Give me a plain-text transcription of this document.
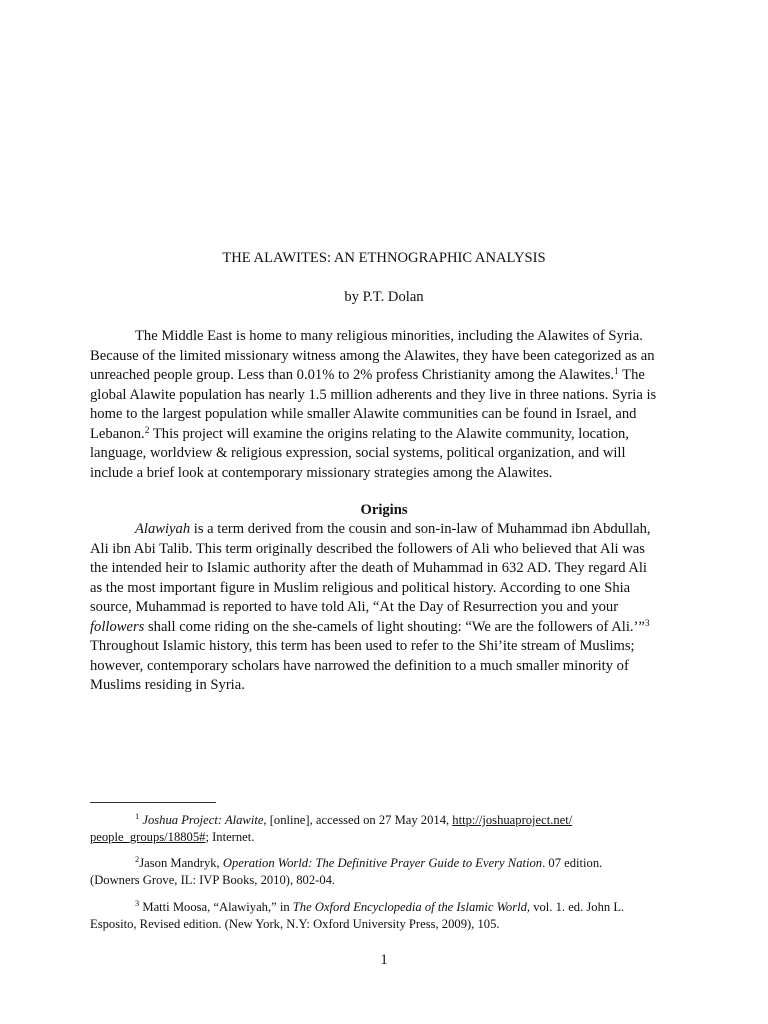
THE ALAWITES: AN ETHNOGRAPHIC ANALYSIS
by P.T. Dolan
The Middle East is home to many religious minorities, including the Alawites of Syria.
Because of the limited missionary witness among the Alawites, they have been categorized as an
unreached people group. Less than 0.01% to 2% profess Christianity among the Alawites.$^1$ The
global Alawite population has nearly 1.5 million adherents and they live in three nations. Syria is
home to the largest population while smaller Alawite communities can be found in Israel, and
Lebanon.$^2$ This project will examine the origins relating to the Alawite community, location,
language, worldview & religious expression, social systems, political organization, and will
include a brief look at contemporary missionary strategies among the Alawites.
Origins
Alawiyah is a term derived from the cousin and son-in-law of Muhammad ibn Abdullah,
Ali ibn Abi Talib. This term originally described the followers of Ali who believed that Ali was
the intended heir to Islamic authority after the death of Muhammad in 632 AD. They regard Ali
as the most important figure in Muslim religious and political history. According to one Shia
source, Muhammad is reported to have told Ali, “At the Day of Resurrection you and your
followers shall come riding on the she-camels of light shouting: “We are the followers of Ali.’”$^3$
Throughout Islamic history, this term has been used to refer to the Shi’ite stream of Muslims;
however, contemporary scholars have narrowed the definition to a much smaller minority of
Muslims residing in Syria.
$^1$ Joshua Project: Alawite, [online], accessed on 27 May 2014, http://joshuaproject.net/
people_groups/18805#; Internet.
$^2$Jason Mandryk, Operation World: The Definitive Prayer Guide to Every Nation. 07 edition.
(Downers Grove, IL: IVP Books, 2010), 802-04.
$^3$ Matti Moosa, “Alawiyah,” in The Oxford Encyclopedia of the Islamic World, vol. 1. ed. John L.
Esposito, Revised edition. (New York, N.Y: Oxford University Press, 2009), 105.
1
